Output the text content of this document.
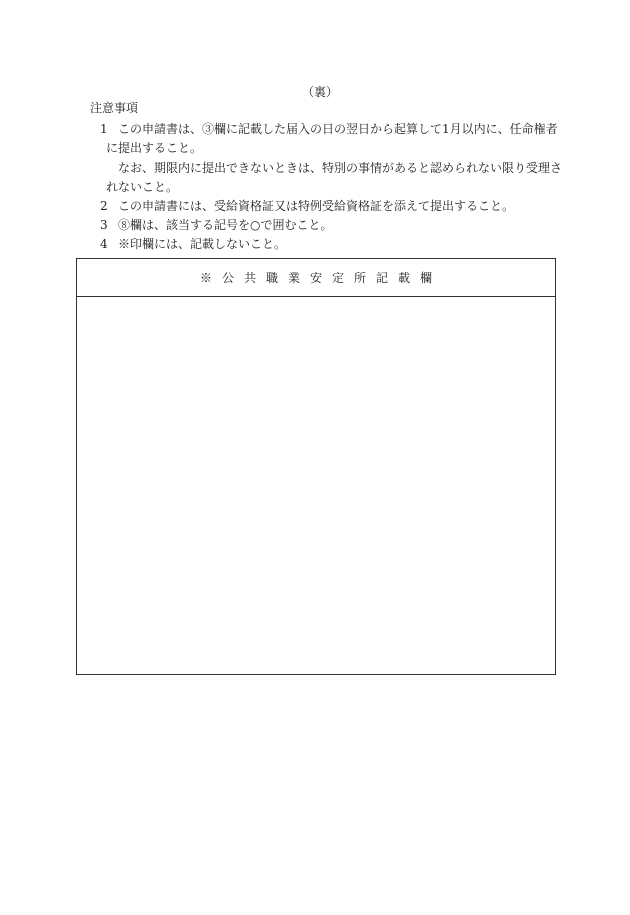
（裏）
注意事項
1 この申請書は、③欄に記載した届入の日の翌日から起算して1月以内に、任命権者
に提出すること。
なお、期限内に提出できないときは、特別の事情があると認められない限り受理さ
れないこと。
2 この申請書には、受給資格証又は特例受給資格証を添えて提出すること。
3 ⑧欄は、該当する記号を○で囲むこと。
4 ※印欄には、記載しないこと。
※公共職業安定所記載欄
